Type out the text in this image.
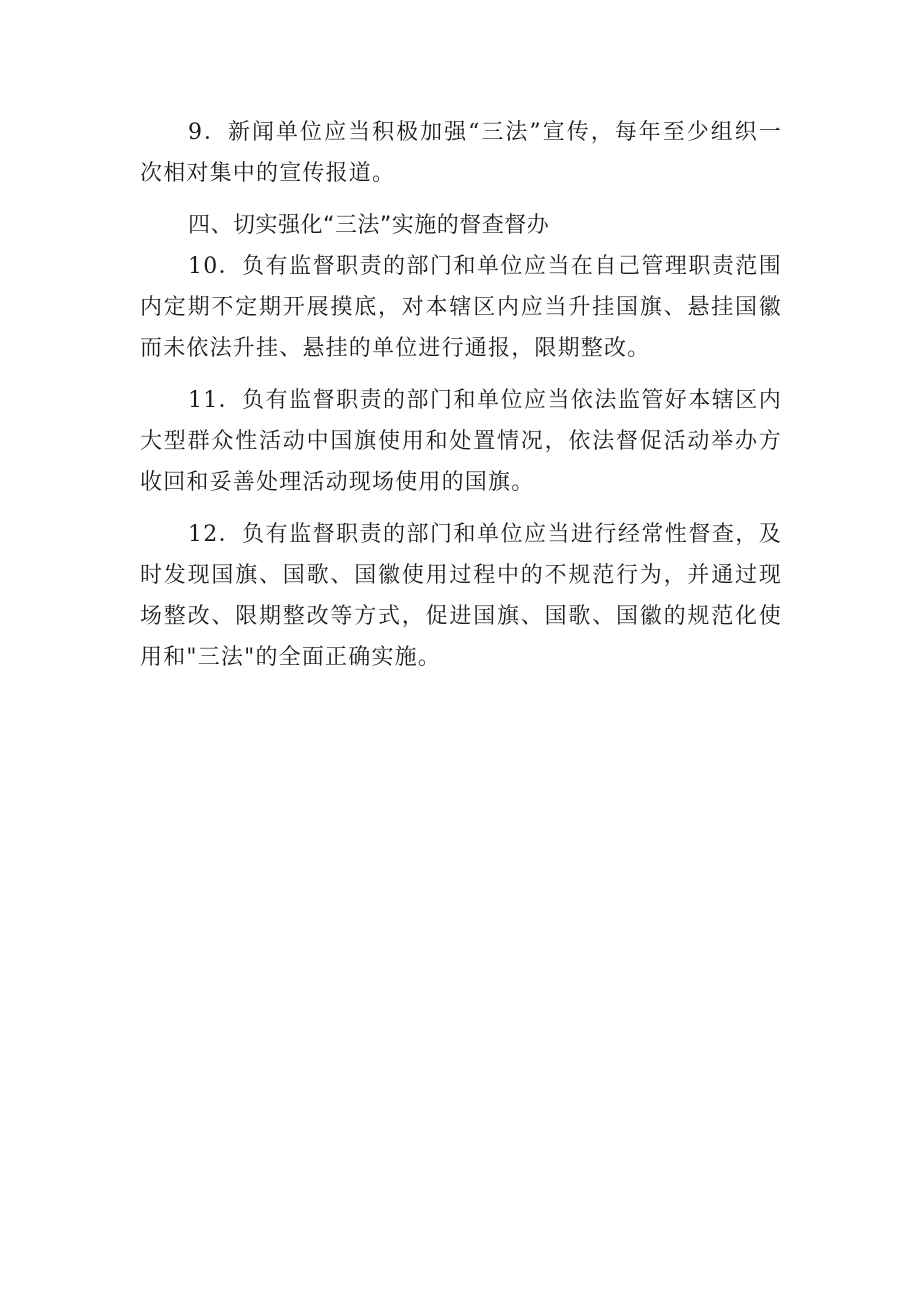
9．新闻单位应当积极加强“三法”宣传，每年至少组织一次相对集中的宣传报道。

四、切实强化“三法”实施的督查督办

10．负有监督职责的部门和单位应当在自己管理职责范围内定期不定期开展摸底，对本辖区内应当升挂国旗、悬挂国徽而未依法升挂、悬挂的单位进行通报，限期整改。

11．负有监督职责的部门和单位应当依法监管好本辖区内大型群众性活动中国旗使用和处置情况，依法督促活动举办方收回和妥善处理活动现场使用的国旗。

12．负有监督职责的部门和单位应当进行经常性督查，及时发现国旗、国歌、国徽使用过程中的不规范行为，并通过现场整改、限期整改等方式，促进国旗、国歌、国徽的规范化使用和"三法"的全面正确实施。
